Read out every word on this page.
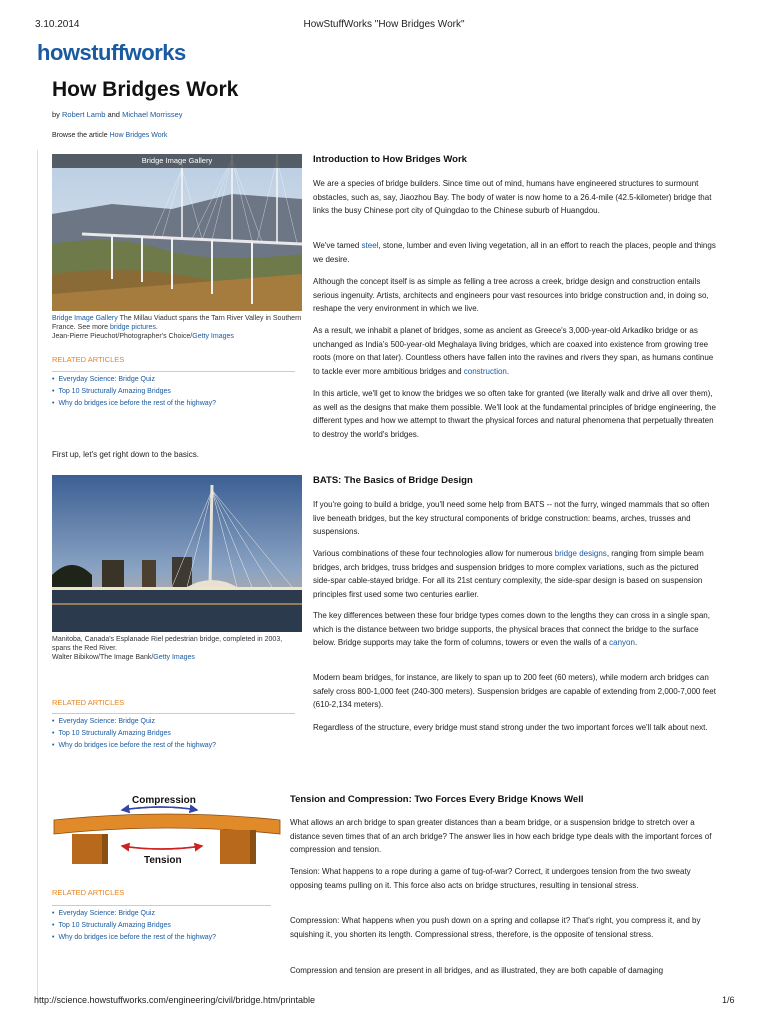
3.10.2014	HowStuffWorks "How Bridges Work"
howstuffworks
How Bridges Work
by Robert Lamb and Michael Morrissey
Browse the article How Bridges Work
Bridge Image Gallery
Bridge Image Gallery The Millau Viaduct spans the Tarn River Valley in Southern France. See more bridge pictures.
Jean-Pierre Pieuchot/Photographer's Choice/Getty Images
RELATED ARTICLES
• Everyday Science: Bridge Quiz
• Top 10 Structurally Amazing Bridges
• Why do bridges ice before the rest of the highway?
First up, let's get right down to the basics.
Manitoba, Canada's Esplanade Riel pedestrian bridge, completed in 2003, spans the Red River.
Walter Bibikow/The Image Bank/Getty Images
RELATED ARTICLES
• Everyday Science: Bridge Quiz
• Top 10 Structurally Amazing Bridges
• Why do bridges ice before the rest of the highway?
Compression
Tension
RELATED ARTICLES
• Everyday Science: Bridge Quiz
• Top 10 Structurally Amazing Bridges
• Why do bridges ice before the rest of the highway?
Introduction to How Bridges Work

We are a species of bridge builders. Since time out of mind, humans have engineered structures to surmount obstacles, such as, say, Jiaozhou Bay. The body of water is now home to a 26.4-mile (42.5-kilometer) bridge that links the busy Chinese port city of Quingdao to the Chinese suburb of Huangdou.

We've tamed steel, stone, lumber and even living vegetation, all in an effort to reach the places, people and things we desire.

Although the concept itself is as simple as felling a tree across a creek, bridge design and construction entails serious ingenuity. Artists, architects and engineers pour vast resources into bridge construction and, in doing so, reshape the very environment in which we live.

As a result, we inhabit a planet of bridges, some as ancient as Greece's 3,000-year-old Arkadiko bridge or as unchanged as India's 500-year-old Meghalaya living bridges, which are coaxed into existence from growing tree roots (more on that later). Countless others have fallen into the ravines and rivers they span, as humans continue to tackle ever more ambitious bridges and construction.

In this article, we'll get to know the bridges we so often take for granted (we literally walk and drive all over them), as well as the designs that make them possible. We'll look at the fundamental principles of bridge engineering, the different types and how we attempt to thwart the physical forces and natural phenomena that perpetually threaten to destroy the world's bridges.

BATS: The Basics of Bridge Design

If you're going to build a bridge, you'll need some help from BATS -- not the furry, winged mammals that so often live beneath bridges, but the key structural components of bridge construction: beams, arches, trusses and suspensions.

Various combinations of these four technologies allow for numerous bridge designs, ranging from simple beam bridges, arch bridges, truss bridges and suspension bridges to more complex variations, such as the pictured side-spar cable-stayed bridge. For all its 21st century complexity, the side-spar design is based on suspension principles first used some two centuries earlier.

The key differences between these four bridge types comes down to the lengths they can cross in a single span, which is the distance between two bridge supports, the physical braces that connect the bridge to the surface below. Bridge supports may take the form of columns, towers or even the walls of a canyon.

Modern beam bridges, for instance, are likely to span up to 200 feet (60 meters), while modern arch bridges can safely cross 800-1,000 feet (240-300 meters). Suspension bridges are capable of extending from 2,000-7,000 feet (610-2,134 meters).

Regardless of the structure, every bridge must stand strong under the two important forces we'll talk about next.

Tension and Compression: Two Forces Every Bridge Knows Well

What allows an arch bridge to span greater distances than a beam bridge, or a suspension bridge to stretch over a distance seven times that of an arch bridge? The answer lies in how each bridge type deals with the important forces of compression and tension.

Tension: What happens to a rope during a game of tug-of-war? Correct, it undergoes tension from the two sweaty opposing teams pulling on it. This force also acts on bridge structures, resulting in tensional stress.

Compression: What happens when you push down on a spring and collapse it? That's right, you compress it, and by squishing it, you shorten its length. Compressional stress, therefore, is the opposite of tensional stress.

Compression and tension are present in all bridges, and as illustrated, they are both capable of damaging

http://science.howstuffworks.com/engineering/civil/bridge.htm/printable	1/6
